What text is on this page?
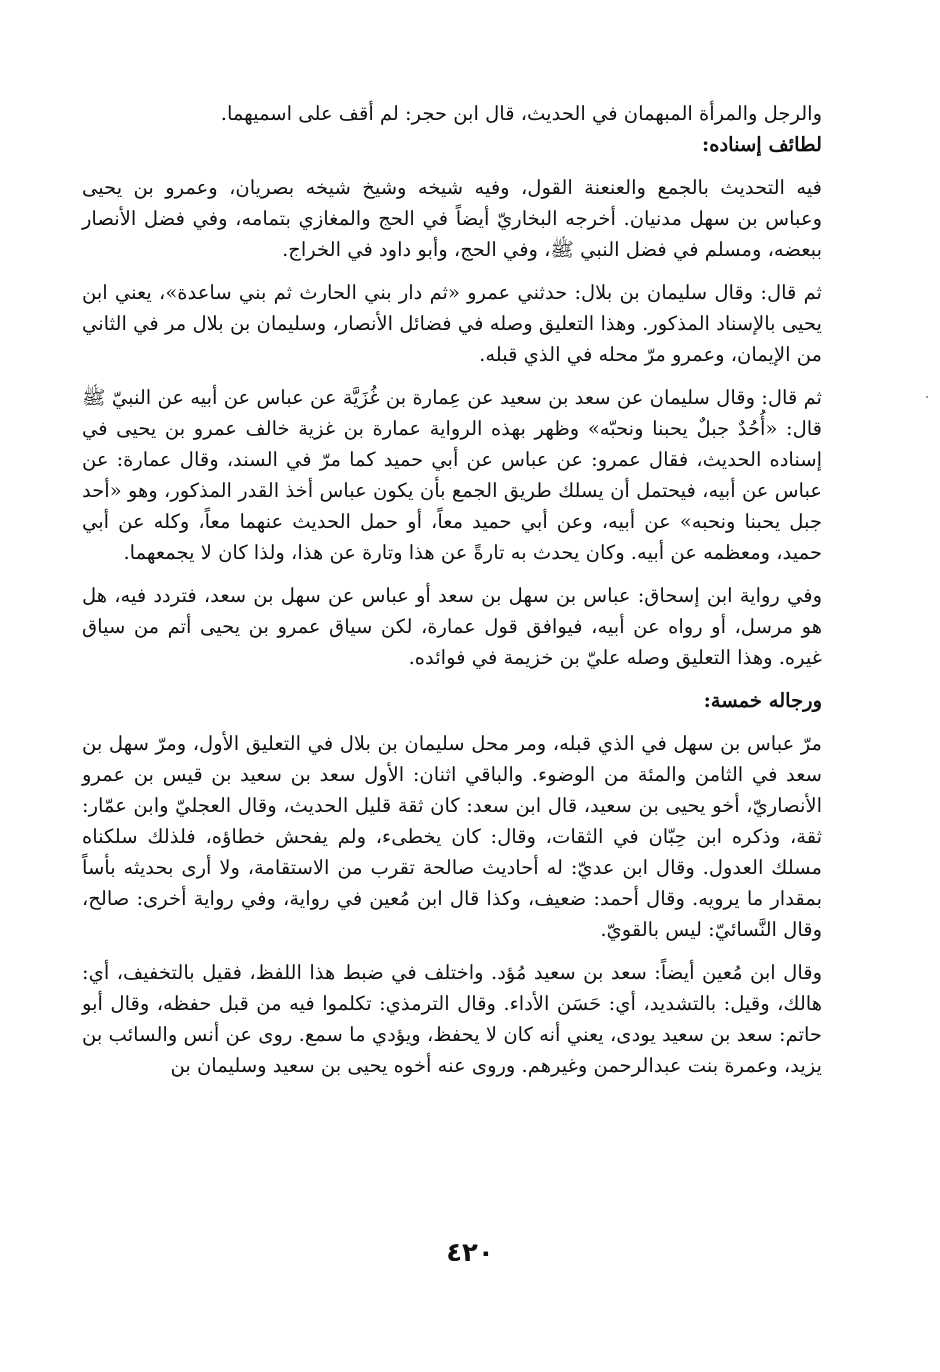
والرجل والمرأة المبهمان في الحديث، قال ابن حجر: لم أقف على اسميهما.

لطائف إسناده:

فيه التحديث بالجمع والعنعنة القول، وفيه شيخه وشيخ شيخه بصريان، وعمرو بن يحيى وعباس بن سهل مدنيان. أخرجه البخاريّ أيضاً في الحج والمغازي بتمامه، وفي فضل الأنصار ببعضه، ومسلم في فضل النبي ﷺ، وفي الحج، وأبو داود في الخراج.

ثم قال: وقال سليمان بن بلال: حدثني عمرو «ثم دار بني الحارث ثم بني ساعدة»، يعني ابن يحيى بالإسناد المذكور. وهذا التعليق وصله في فضائل الأنصار، وسليمان بن بلال مر في الثاني من الإيمان، وعمرو مرّ محله في الذي قبله.

ثم قال: وقال سليمان عن سعد بن سعيد عن عِمارة بن غُزَيَّة عن عباس عن أبيه عن النبيّ ﷺ قال: «أُحُدٌ جبلٌ يحبنا ونحبّه» وظهر بهذه الرواية عمارة بن غزية خالف عمرو بن يحيى في إسناده الحديث، فقال عمرو: عن عباس عن أبي حميد كما مرّ في السند، وقال عمارة: عن عباس عن أبيه، فيحتمل أن يسلك طريق الجمع بأن يكون عباس أخذ القدر المذكور، وهو «أحد جبل يحبنا ونحبه» عن أبيه، وعن أبي حميد معاً، أو حمل الحديث عنهما معاً، وكله عن أبي حميد، ومعظمه عن أبيه. وكان يحدث به تارةً عن هذا وتارة عن هذا، ولذا كان لا يجمعهما.

وفي رواية ابن إسحاق: عباس بن سهل بن سعد أو عباس عن سهل بن سعد، فتردد فيه، هل هو مرسل، أو رواه عن أبيه، فيوافق قول عمارة، لكن سياق عمرو بن يحيى أتم من سياق غيره. وهذا التعليق وصله عليّ بن خزيمة في فوائده.

ورجاله خمسة:

مرّ عباس بن سهل في الذي قبله، ومر محل سليمان بن بلال في التعليق الأول، ومرّ سهل بن سعد في الثامن والمئة من الوضوء. والباقي اثنان: الأول سعد بن سعيد بن قيس بن عمرو الأنصاريّ، أخو يحيى بن سعيد، قال ابن سعد: كان ثقة قليل الحديث، وقال العجليّ وابن عمّار: ثقة، وذكره ابن حِبّان في الثقات، وقال: كان يخطىء، ولم يفحش خطاؤه، فلذلك سلكناه مسلك العدول. وقال ابن عديّ: له أحاديث صالحة تقرب من الاستقامة، ولا أرى بحديثه بأساً بمقدار ما يرويه. وقال أحمد: ضعيف، وكذا قال ابن مُعين في رواية، وفي رواية أخرى: صالح، وقال النَّسائيّ: ليس بالقويّ.

وقال ابن مُعين أيضاً: سعد بن سعيد مُؤد. واختلف في ضبط هذا اللفظ، فقيل بالتخفيف، أي: هالك، وقيل: بالتشديد، أي: حَسَن الأداء. وقال الترمذي: تكلموا فيه من قبل حفظه، وقال أبو حاتم: سعد بن سعيد يودى، يعني أنه كان لا يحفظ، ويؤدي ما سمع. روى عن أنس والسائب بن يزيد، وعمرة بنت عبدالرحمن وغيرهم. وروى عنه أخوه يحيى بن سعيد وسليمان بن

٤٢٠
